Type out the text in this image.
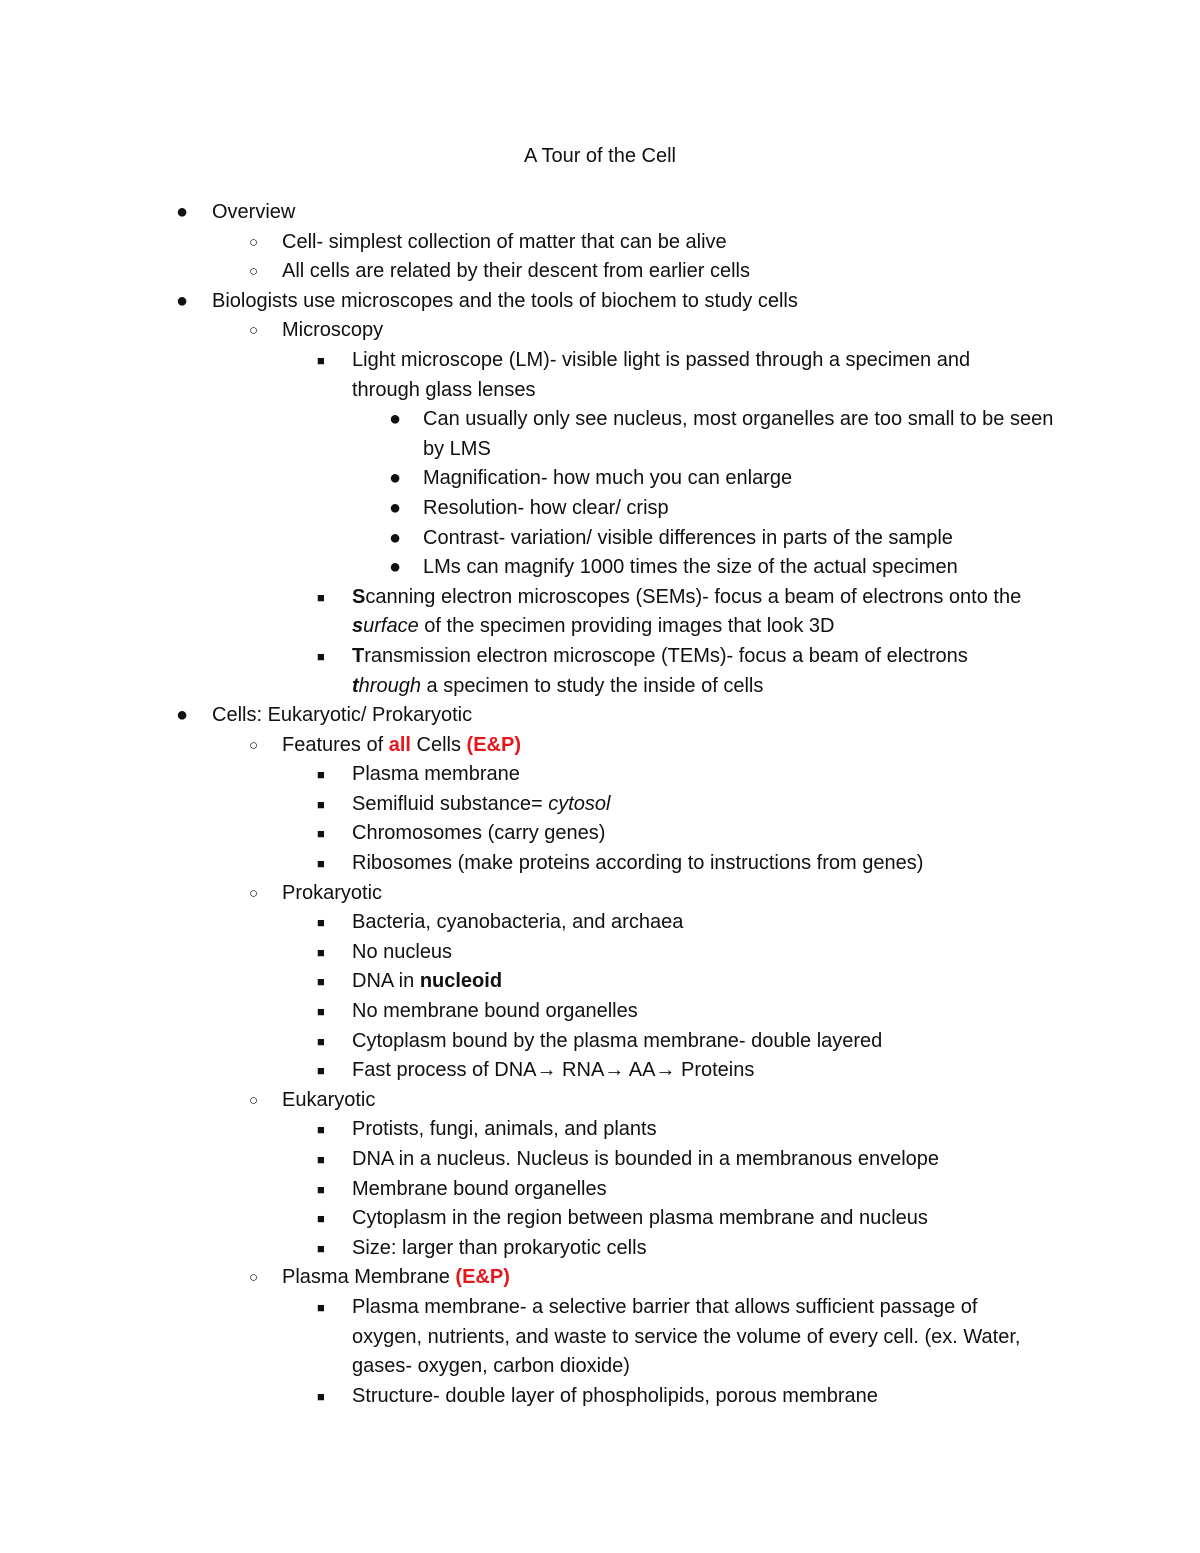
A Tour of the Cell
● Overview
○ Cell- simplest collection of matter that can be alive
○ All cells are related by their descent from earlier cells
● Biologists use microscopes and the tools of biochem to study cells
○ Microscopy
■ Light microscope (LM)- visible light is passed through a specimen and through glass lenses
● Can usually only see nucleus, most organelles are too small to be seen by LMS
● Magnification- how much you can enlarge
● Resolution- how clear/ crisp
● Contrast- variation/ visible differences in parts of the sample
● LMs can magnify 1000 times the size of the actual specimen
■ Scanning electron microscopes (SEMs)- focus a beam of electrons onto the surface of the specimen providing images that look 3D
■ Transmission electron microscope (TEMs)- focus a beam of electrons through a specimen to study the inside of cells
● Cells: Eukaryotic/ Prokaryotic
○ Features of all Cells (E&P)
■ Plasma membrane
■ Semifluid substance= cytosol
■ Chromosomes (carry genes)
■ Ribosomes (make proteins according to instructions from genes)
○ Prokaryotic
■ Bacteria, cyanobacteria, and archaea
■ No nucleus
■ DNA in nucleoid
■ No membrane bound organelles
■ Cytoplasm bound by the plasma membrane- double layered
■ Fast process of DNA→ RNA→ AA→ Proteins
○ Eukaryotic
■ Protists, fungi, animals, and plants
■ DNA in a nucleus. Nucleus is bounded in a membranous envelope
■ Membrane bound organelles
■ Cytoplasm in the region between plasma membrane and nucleus
■ Size: larger than prokaryotic cells
○ Plasma Membrane (E&P)
■ Plasma membrane- a selective barrier that allows sufficient passage of oxygen, nutrients, and waste to service the volume of every cell. (ex. Water, gases- oxygen, carbon dioxide)
■ Structure- double layer of phospholipids, porous membrane
